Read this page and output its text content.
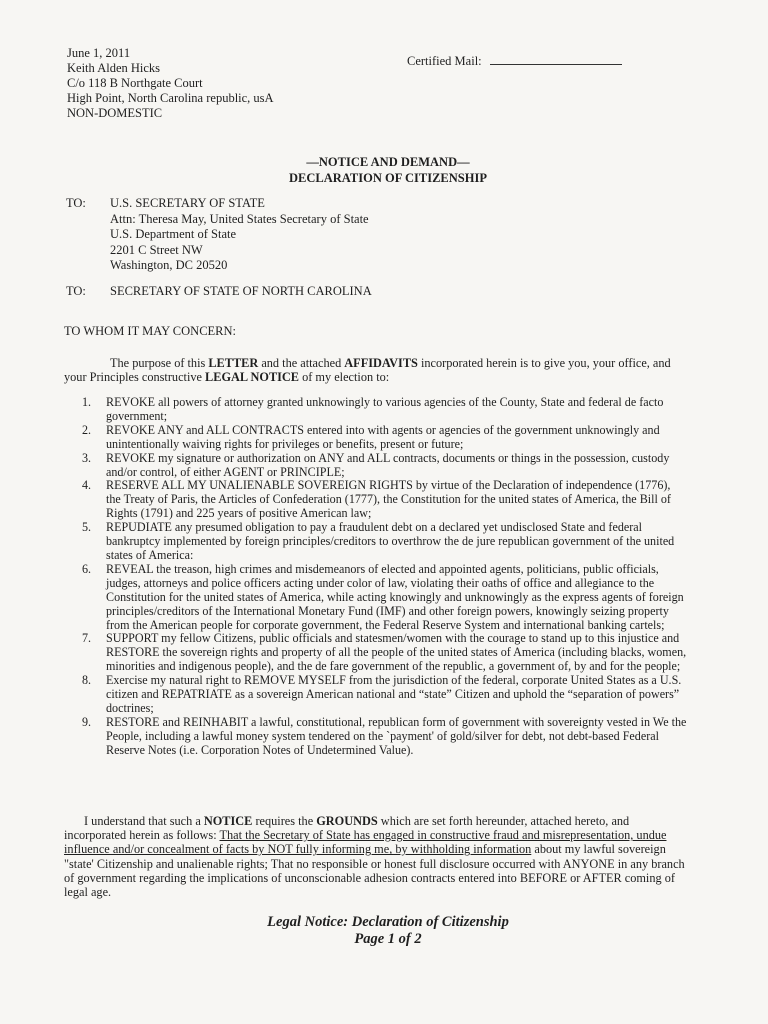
June 1, 2011
Keith Alden Hicks
C/o 118 B Northgate Court
High Point, North Carolina republic, usA
NON-DOMESTIC
Certified Mail:
—NOTICE AND DEMAND—
DECLARATION OF CITIZENSHIP
TO: U.S. SECRETARY OF STATE
Attn: Theresa May, United States Secretary of State
U.S. Department of State
2201 C Street NW
Washington, DC 20520
TO: SECRETARY OF STATE OF NORTH CAROLINA
TO WHOM IT MAY CONCERN:
The purpose of this LETTER and the attached AFFIDAVITS incorporated herein is to give you, your office, and your Principles constructive LEGAL NOTICE of my election to:
1.	REVOKE all powers of attorney granted unknowingly to various agencies of the County, State and federal de facto government;
2.	REVOKE ANY and ALL CONTRACTS entered into with agents or agencies of the government unknowingly and unintentionally waiving rights for privileges or benefits, present or future;
3.	REVOKE my signature or authorization on ANY and ALL contracts, documents or things in the possession, custody and/or control, of either AGENT or PRINCIPLE;
4.	RESERVE ALL MY UNALIENABLE SOVEREIGN RIGHTS by virtue of the Declaration of independence (1776), the Treaty of Paris, the Articles of Confederation (1777), the Constitution for the united states of America, the Bill of Rights (1791) and 225 years of positive American law;
5.	REPUDIATE any presumed obligation to pay a fraudulent debt on a declared yet undisclosed State and federal bankruptcy implemented by foreign principles/creditors to overthrow the de jure republican government of the united states of America:
6.	REVEAL the treason, high crimes and misdemeanors of elected and appointed agents, politicians, public officials, judges, attorneys and police officers acting under color of law, violating their oaths of office and allegiance to the Constitution for the united states of America, while acting knowingly and unknowingly as the express agents of foreign principles/creditors of the International Monetary Fund (IMF) and other foreign powers, knowingly seizing property from the American people for corporate government, the Federal Reserve System and international banking cartels;
7.	SUPPORT my fellow Citizens, public officials and statesmen/women with the courage to stand up to this injustice and RESTORE the sovereign rights and property of all the people of the united states of America (including blacks, women, minorities and indigenous people), and the de fare government of the republic, a government of, by and for the people;
8.	Exercise my natural right to REMOVE MYSELF from the jurisdiction of the federal, corporate United States as a U.S. citizen and REPATRIATE as a sovereign American national and “state” Citizen and uphold the “separation of powers” doctrines;
9.	RESTORE and REINHABIT a lawful, constitutional, republican form of government with sovereignty vested in We the People, including a lawful money system tendered on the `payment' of gold/silver for debt, not debt-based Federal Reserve Notes (i.e. Corporation Notes of Undetermined Value).
I understand that such a NOTICE requires the GROUNDS which are set forth hereunder, attached hereto, and incorporated herein as follows: That the Secretary of State has engaged in constructive fraud and misrepresentation, undue influence and/or concealment of facts by NOT fully informing me, by withholding information about my lawful sovereign "state' Citizenship and unalienable rights; That no responsible or honest full disclosure occurred with ANYONE in any branch of government regarding the implications of unconscionable adhesion contracts entered into BEFORE or AFTER coming of legal age.
Legal Notice: Declaration of Citizenship
Page 1 of 2
